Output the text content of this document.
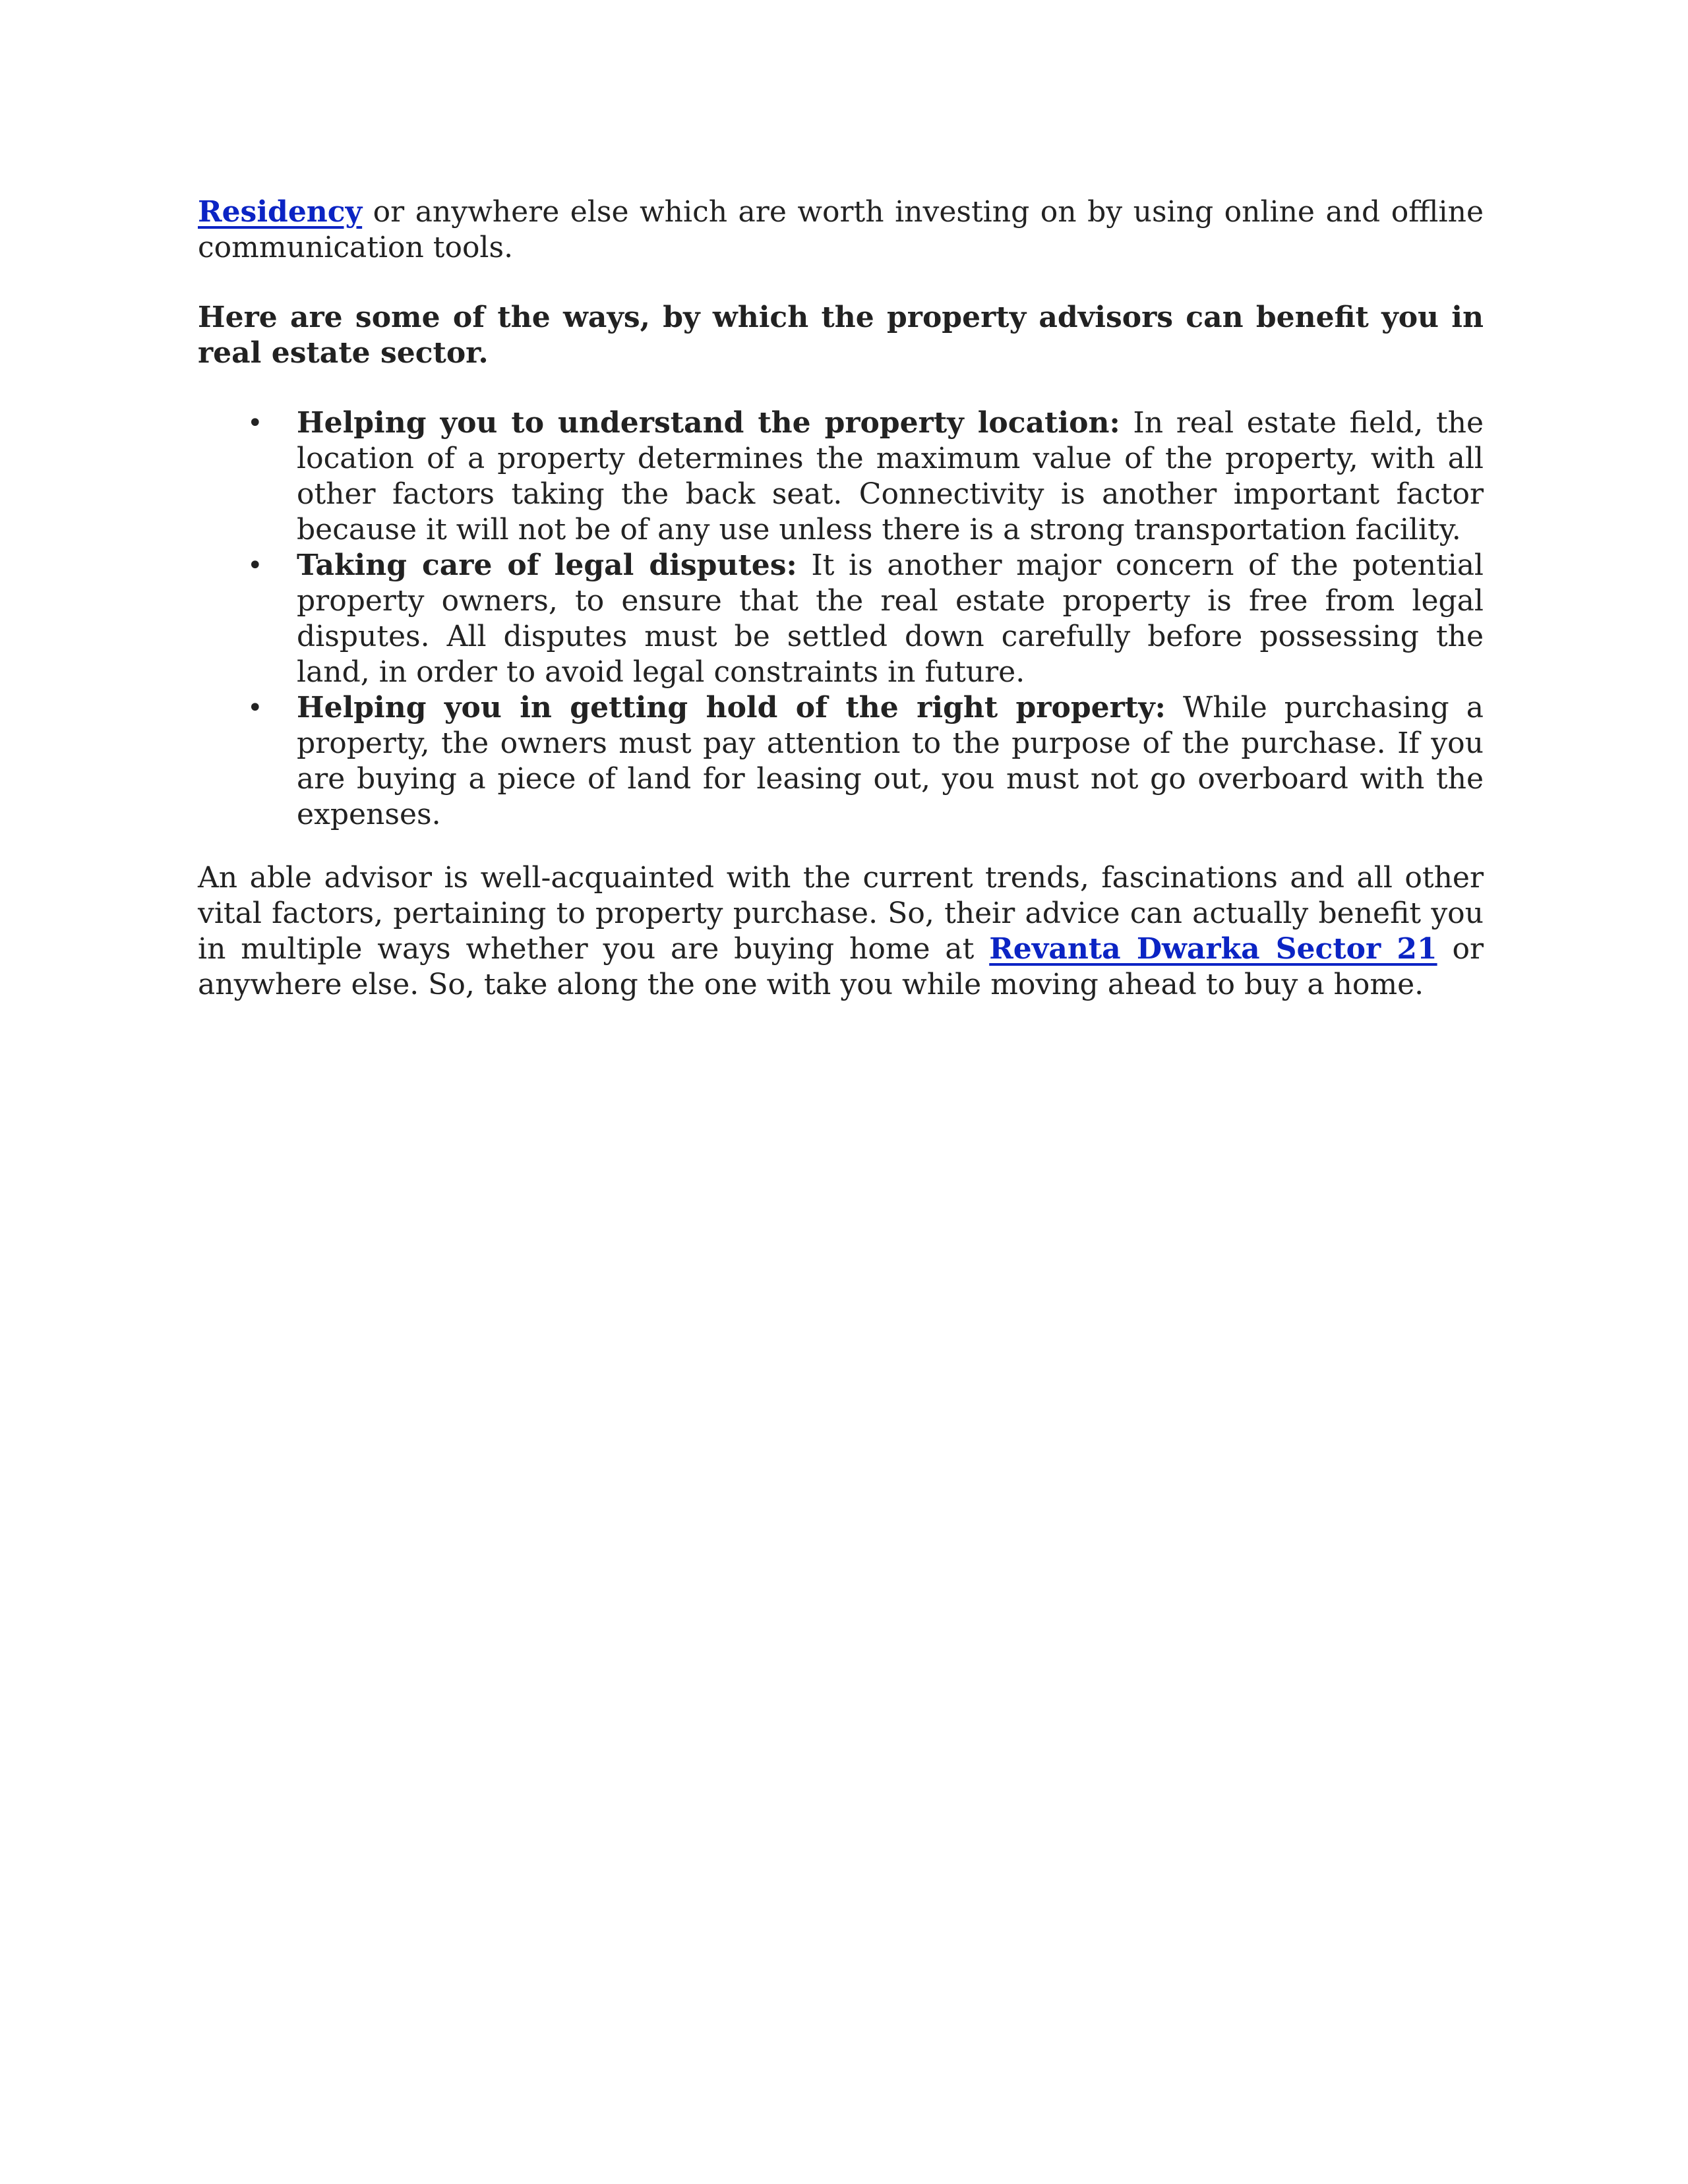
Residency or anywhere else which are worth investing on by using online and offline communication tools.

Here are some of the ways, by which the property advisors can benefit you in real estate sector.

• Helping you to understand the property location: In real estate field, the location of a property determines the maximum value of the property, with all other factors taking the back seat. Connectivity is another important factor because it will not be of any use unless there is a strong transportation facility.
• Taking care of legal disputes: It is another major concern of the potential property owners, to ensure that the real estate property is free from legal disputes. All disputes must be settled down carefully before possessing the land, in order to avoid legal constraints in future.
• Helping you in getting hold of the right property: While purchasing a property, the owners must pay attention to the purpose of the purchase. If you are buying a piece of land for leasing out, you must not go overboard with the expenses.

An able advisor is well-acquainted with the current trends, fascinations and all other vital factors, pertaining to property purchase. So, their advice can actually benefit you in multiple ways whether you are buying home at Revanta Dwarka Sector 21 or anywhere else. So, take along the one with you while moving ahead to buy a home.
